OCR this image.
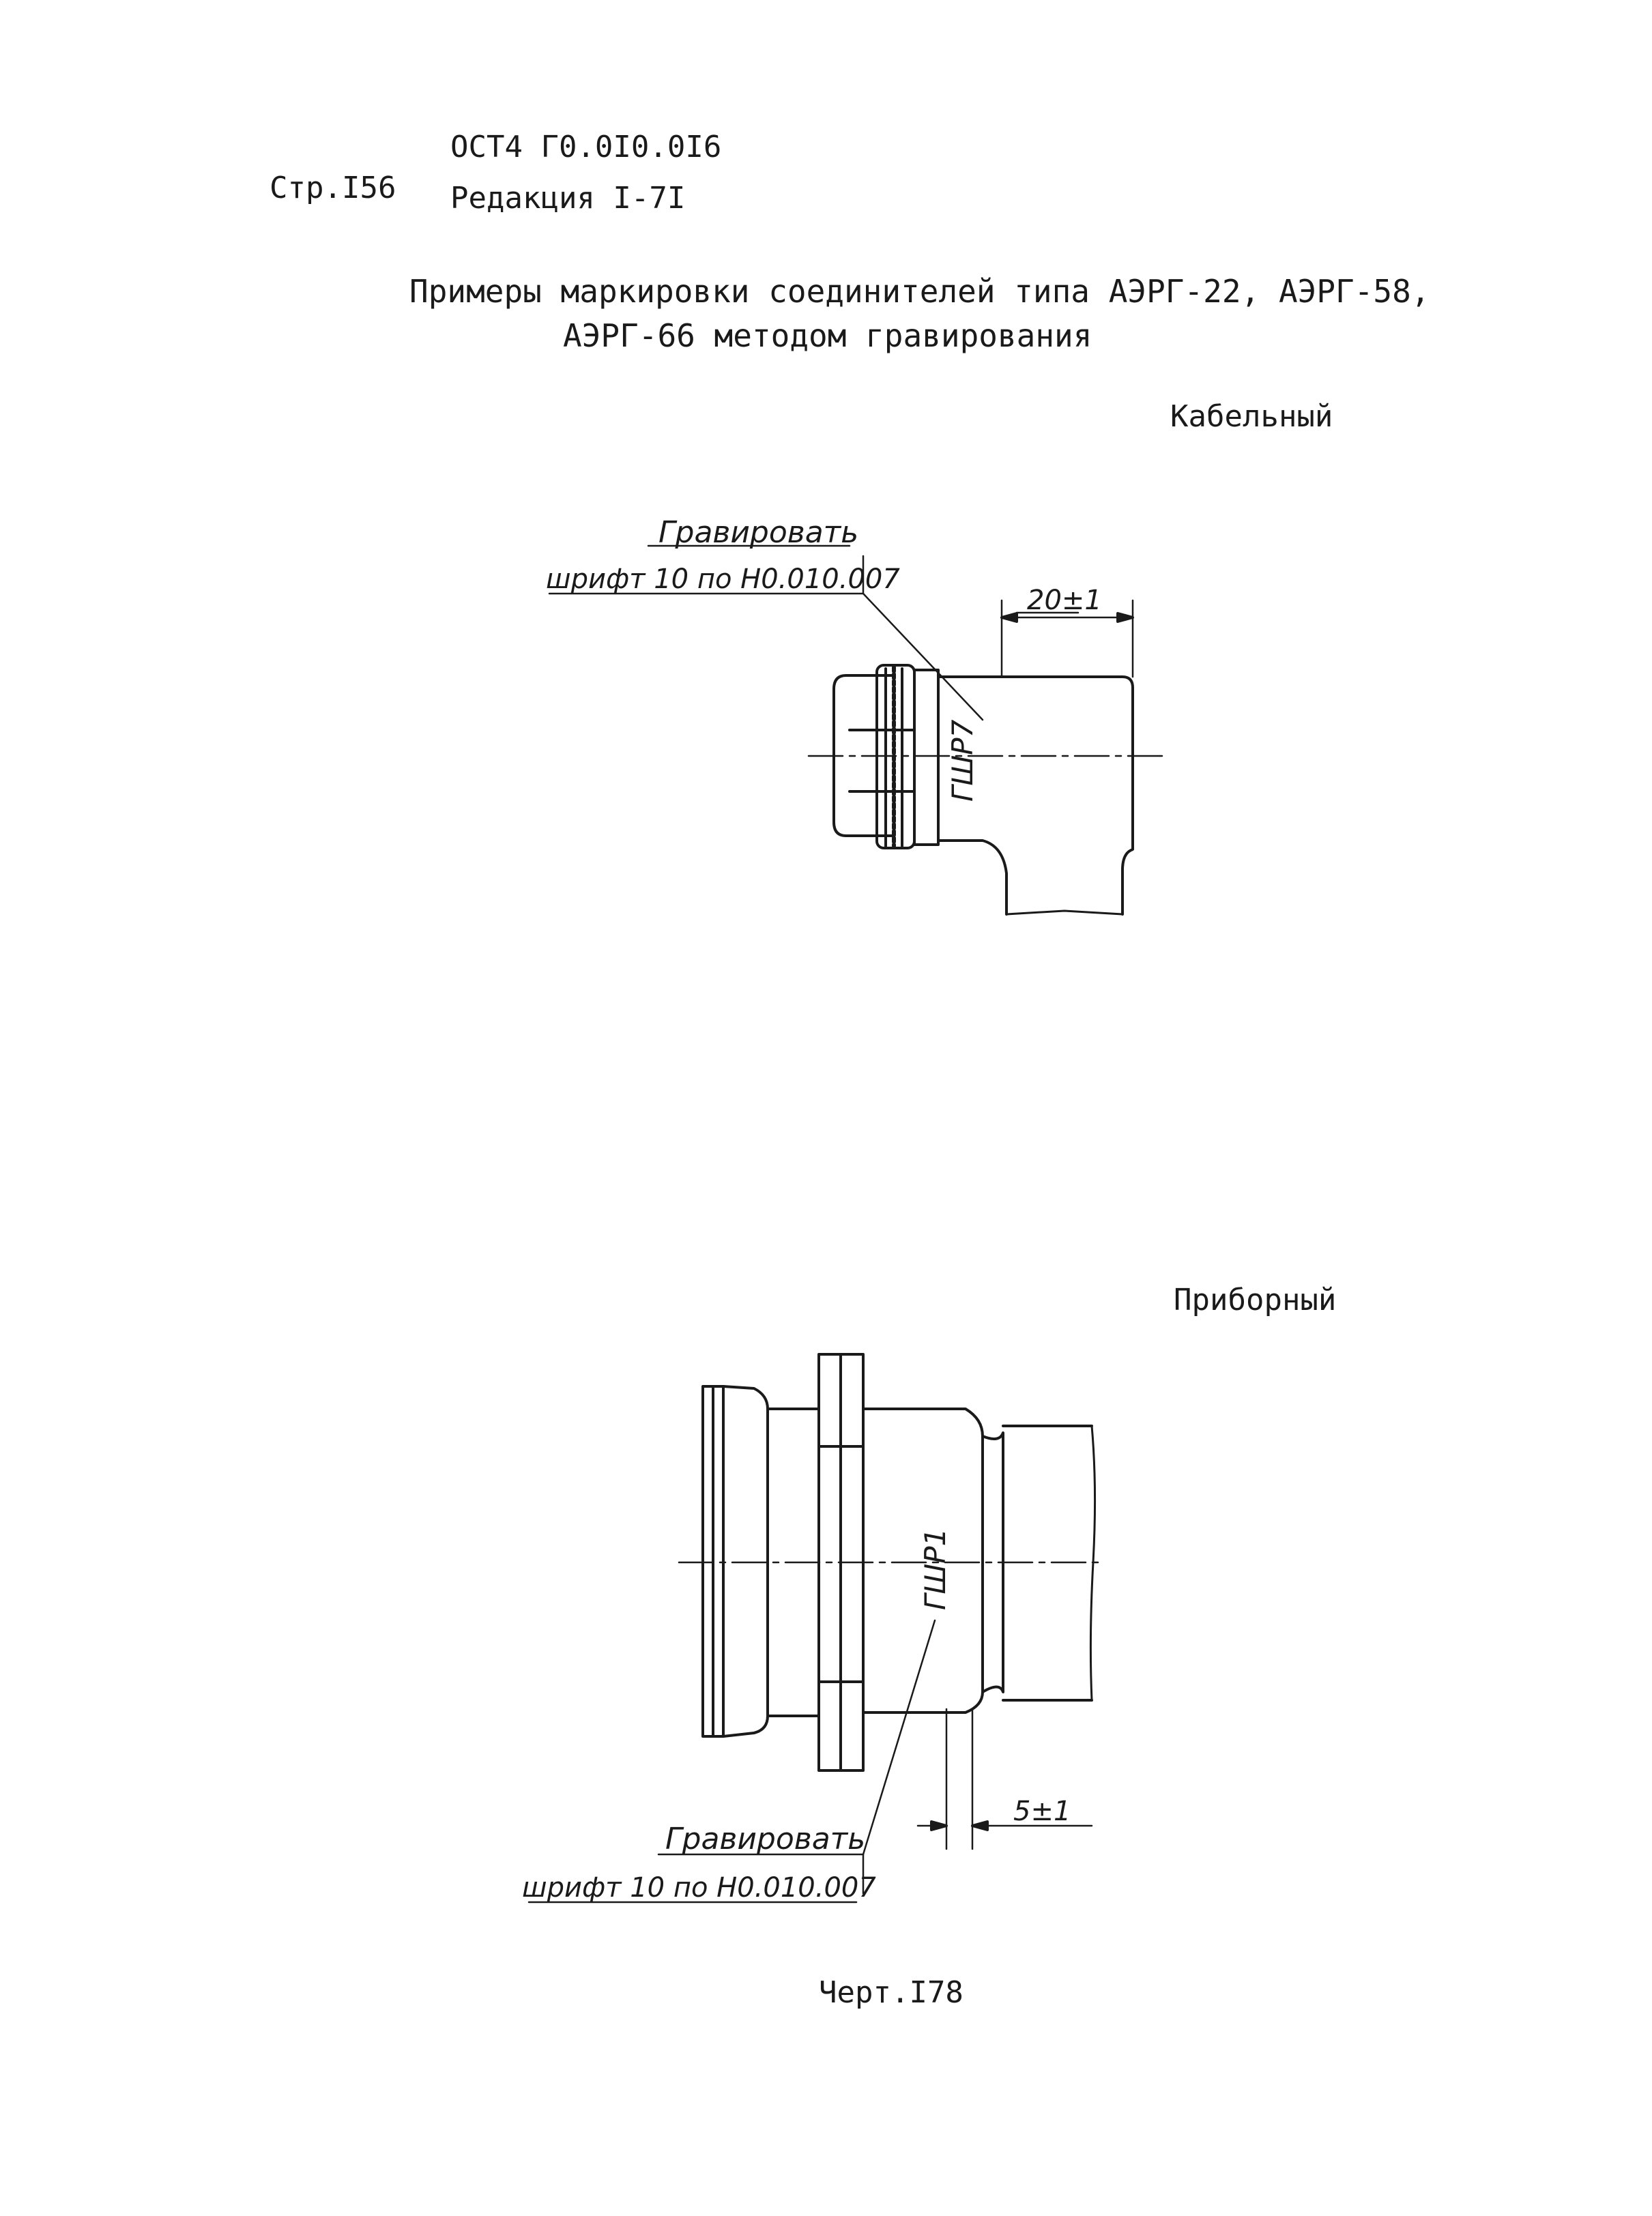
Стр.I56
ОСТ4 Г0.0I0.0I6
Редакция I-7I
Примеры маркировки соединителей типа АЭРГ-22, АЭРГ-58,
АЭРГ-66 методом гравирования
Кабельный
Приборный
Черт.I78
Гравировать
шрифт 10 по Н0.010.007
20±1
ГШР7
Гравировать
шрифт 10 по Н0.010.007
5±1
ГШР1
